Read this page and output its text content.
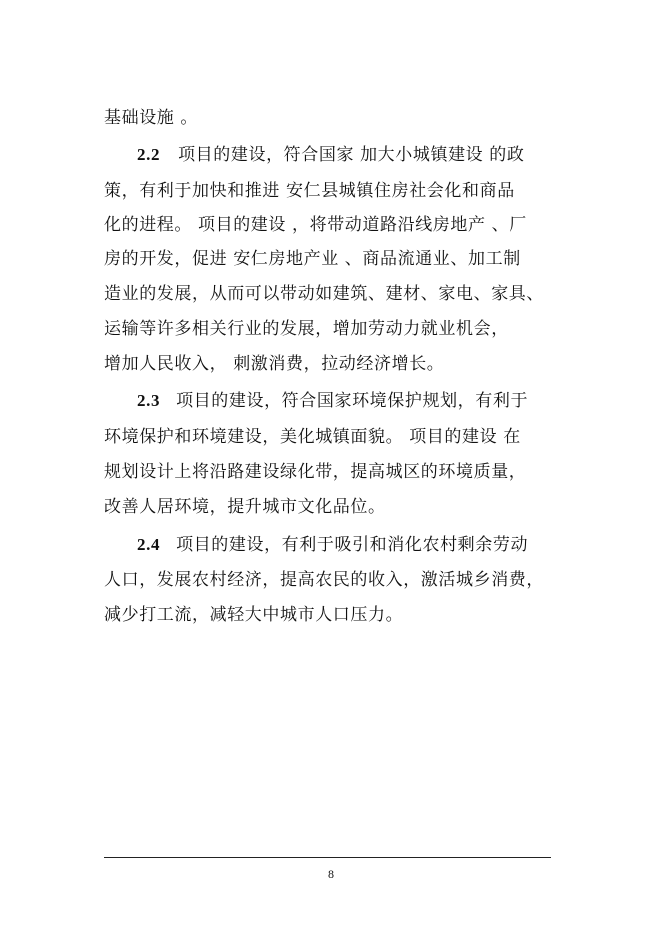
基础设施 。
2.2 项目的建设，符合国家 加大小城镇建设 的政
策，有利于加快和推进 安仁县城镇住房社会化和商品
化的进程。 项目的建设 ，将带动道路沿线房地产 、厂
房的开发，促进 安仁房地产业 、商品流通业、加工制
造业的发展，从而可以带动如建筑、建材、家电、家具、
运输等许多相关行业的发展，增加劳动力就业机会，
增加人民收入， 刺激消费，拉动经济增长。
2.3 项目的建设，符合国家环境保护规划，有利于
环境保护和环境建设，美化城镇面貌。 项目的建设 在
规划设计上将沿路建设绿化带，提高城区的环境质量，
改善人居环境，提升城市文化品位。
2.4 项目的建设，有利于吸引和消化农村剩余劳动
人口，发展农村经济，提高农民的收入，激活城乡消费，
减少打工流，减轻大中城市人口压力。
8
